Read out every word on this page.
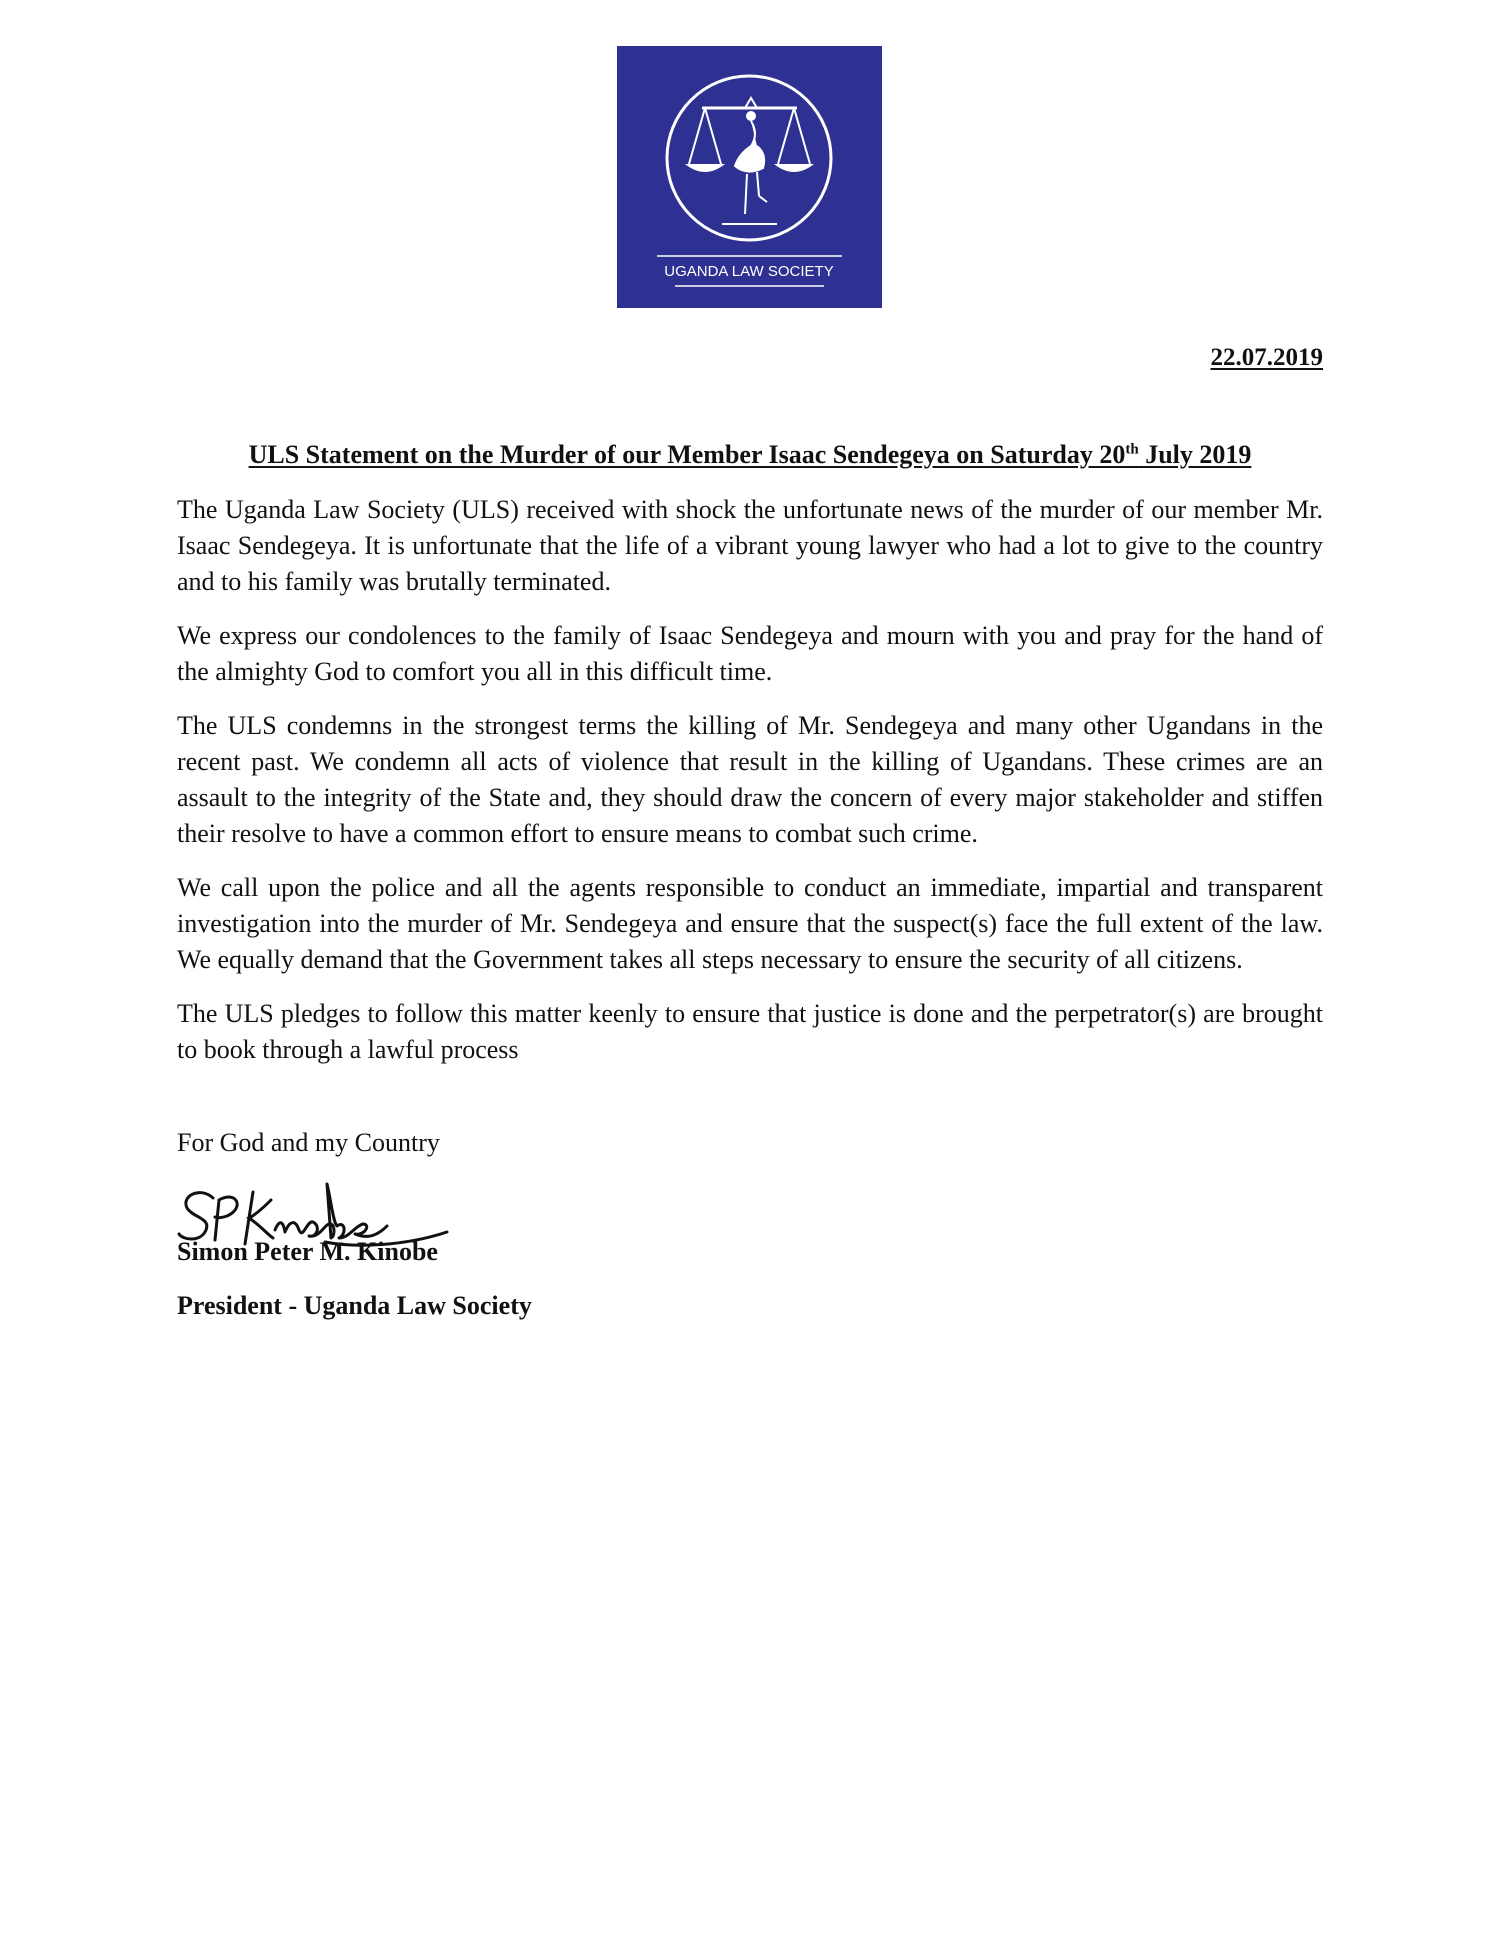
UGANDA LAW SOCIETY
22.07.2019
ULS Statement on the Murder of our Member Isaac Sendegeya on Saturday 20th July 2019

The Uganda Law Society (ULS) received with shock the unfortunate news of the murder of our member Mr. Isaac Sendegeya. It is unfortunate that the life of a vibrant young lawyer who had a lot to give to the country and to his family was brutally terminated.

We express our condolences to the family of Isaac Sendegeya and mourn with you and pray for the hand of the almighty God to comfort you all in this difficult time.

The ULS condemns in the strongest terms the killing of Mr. Sendegeya and many other Ugandans in the recent past. We condemn all acts of violence that result in the killing of Ugandans. These crimes are an assault to the integrity of the State and, they should draw the concern of every major stakeholder and stiffen their resolve to have a common effort to ensure means to combat such crime.

We call upon the police and all the agents responsible to conduct an immediate, impartial and transparent investigation into the murder of Mr. Sendegeya and ensure that the suspect(s) face the full extent of the law. We equally demand that the Government takes all steps necessary to ensure the security of all citizens.

The ULS pledges to follow this matter keenly to ensure that justice is done and the perpetrator(s) are brought to book through a lawful process

For God and my Country
Simon Peter M. Kinobe
President - Uganda Law Society
